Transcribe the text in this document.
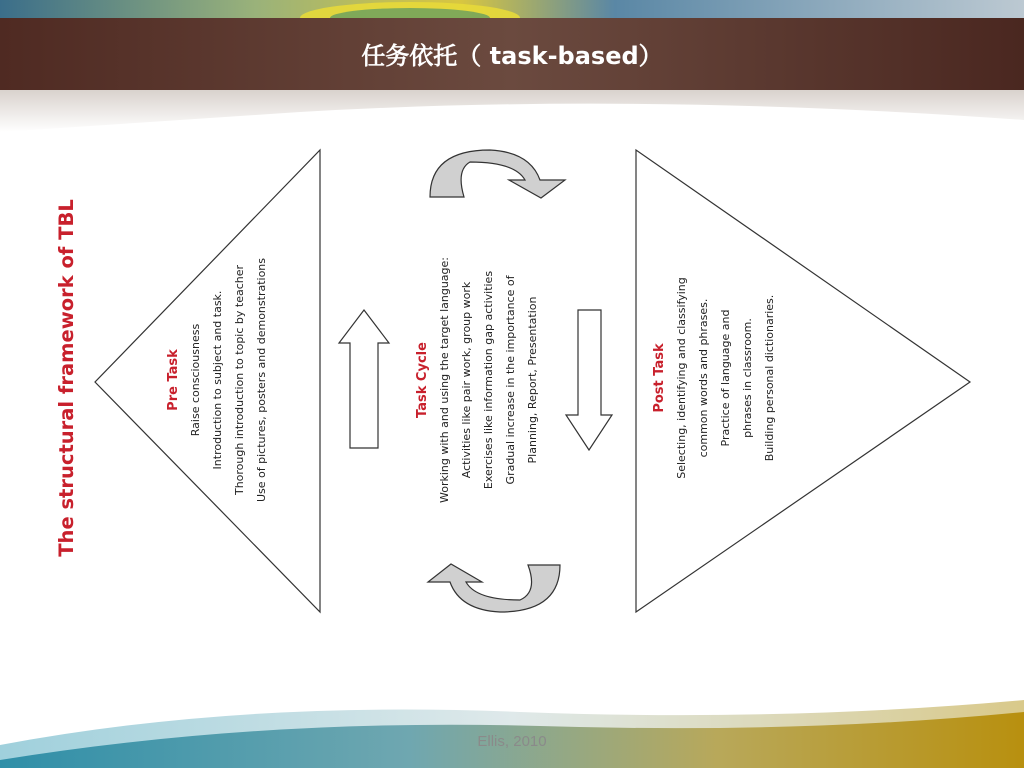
任务依托（ task-based）
The structural framework of TBL	Pre Task Raise consciousness Introduction to subject and task. Thorough introduction to topic by teacher Use of pictures, posters and demonstrations	Task Cycle Working with and using the target language: Activities like pair work, group work Exercises like information gap activities Gradual increase in the importance of Planning, Report, Presentation	Post Task Selecting, identifying and classifying common words and phrases. Practice of language and phrases in classroom. Building personal dictionaries.
Ellis, 2010
